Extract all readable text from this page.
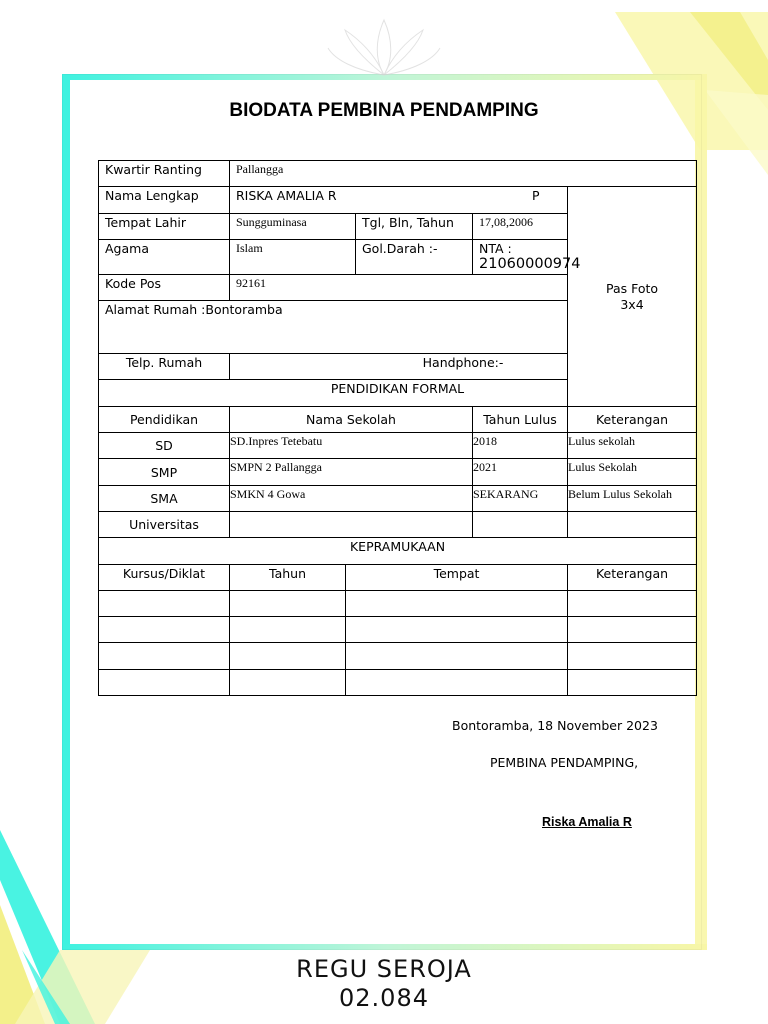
BIODATA PEMBINA PENDAMPING
Kwartir Ranting	Pallangga				
Nama Lengkap	RISKA AMALIA R P				Pas Foto
3x4
Tempat Lahir	Sungguminasa		Tgl, Bln, Tahun	17,08,2006	
Agama	Islam		Gol.Darah :-	NTA :
21060000974	

Kode Pos	92161				
Alamat Rumah :Bontoramba					
Telp. Rumah	Handphone:-				
PENDIDIKAN FORMAL					
Pendidikan	Nama Sekolah			Tahun Lulus	Keterangan
SD	SD.Inpres Tetebatu			2018	Lulus sekolah
SMP	SMPN 2 Pallangga			2021	Lulus Sekolah
SMA	SMKN 4 Gowa			SEKARANG	Belum Lulus Sekolah
Universitas					
KEPRAMUKAAN					
Kursus/Diklat	Tahun	Tempat			Keterangan

Bontoramba, 18 November 2023
PEMBINA PENDAMPING,
Riska Amalia R
REGU SEROJA
02.084
